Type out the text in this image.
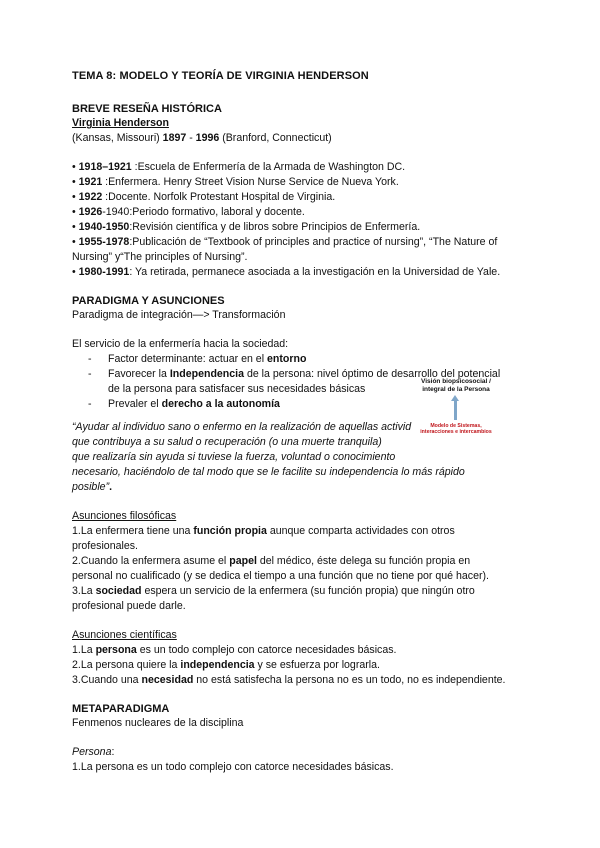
TEMA 8: MODELO Y TEORÍA DE VIRGINIA HENDERSON
BREVE RESEÑA HISTÓRICA
Virginia Henderson
(Kansas, Missouri) 1897 - 1996 (Branford, Connecticut)
• 1918–1921 :Escuela de Enfermería de la Armada de Washington DC.
• 1921 :Enfermera. Henry Street Vision Nurse Service de Nueva York.
• 1922 :Docente. Norfolk Protestant Hospital de Virginia.
• 1926-1940:Periodo formativo, laboral y docente.
• 1940-1950:Revisión científica y de libros sobre Principios de Enfermería.
• 1955-1978:Publicación de “Textbook of principles and practice of nursing”, “The Nature of
Nursing” y“The principles of Nursing”.
• 1980-1991: Ya retirada, permanece asociada a la investigación en la Universidad de Yale.
PARADIGMA Y ASUNCIONES
Paradigma de integración—> Transformación
El servicio de la enfermería hacia la sociedad:
- Factor determinante: actuar en el entorno
- Favorecer la Independencia de la persona: nivel óptimo de desarrollo del potencial
de la persona para satisfacer sus necesidades básicas
- Prevaler el derecho a la autonomía
“Ayudar al individuo sano o enfermo en la realización de aquellas activid
que contribuya a su salud o recuperación (o una muerte tranquila)
que realizaría sin ayuda si tuviese la fuerza, voluntad o conocimiento
necesario, haciéndolo de tal modo que se le facilite su independencia lo más rápido
posible”.
Asunciones filosóficas
1.La enfermera tiene una función propia aunque comparta actividades con otros
profesionales.
2.Cuando la enfermera asume el papel del médico, éste delega su función propia en
personal no cualificado (y se dedica el tiempo a una función que no tiene por qué hacer).
3.La sociedad espera un servicio de la enfermera (su función propia) que ningún otro
profesional puede darle.
Asunciones científicas
1.La persona es un todo complejo con catorce necesidades básicas.
2.La persona quiere la independencia y se esfuerza por lograrla.
3.Cuando una necesidad no está satisfecha la persona no es un todo, no es independiente.
METAPARADIGMA
Fenmenos nucleares de la disciplina
Persona:
1.La persona es un todo complejo con catorce necesidades básicas.
Visión biopsicosocial / integral de la Persona
Modelo de Sistemas, interacciones e intercambios
